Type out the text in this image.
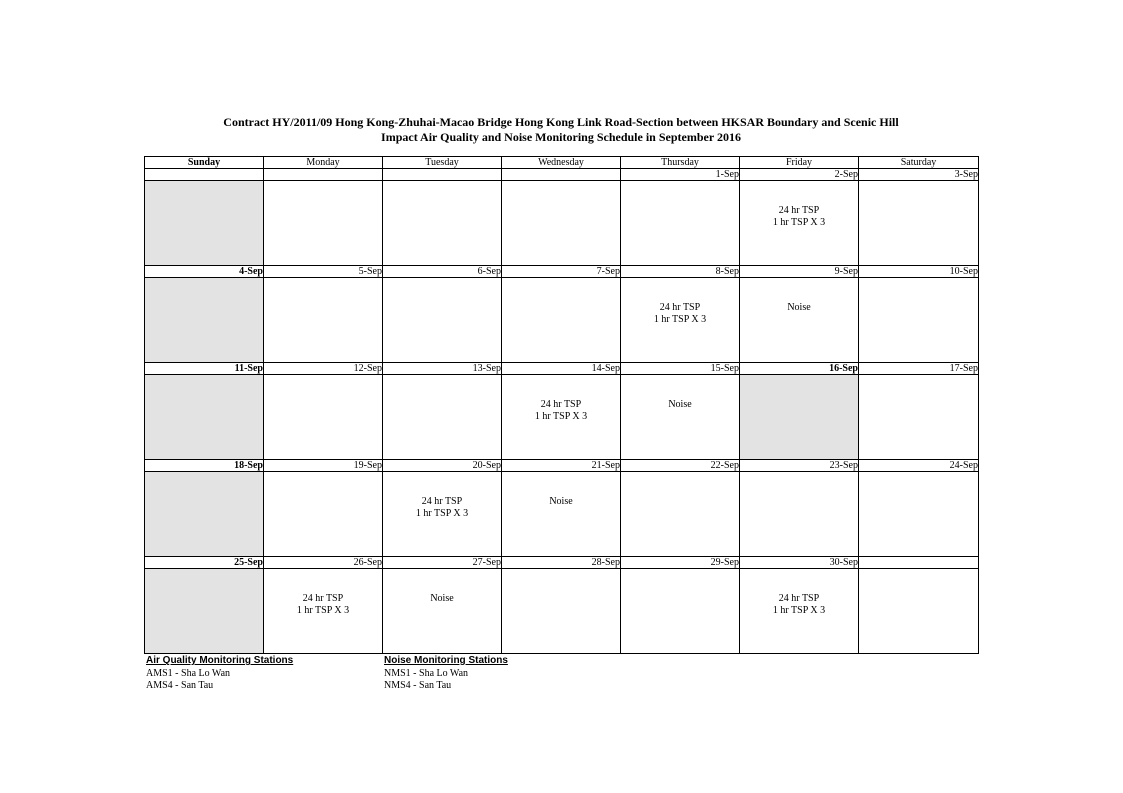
Contract HY/2011/09 Hong Kong-Zhuhai-Macao Bridge Hong Kong Link Road-Section between HKSAR Boundary and Scenic Hill
Impact Air Quality and Noise Monitoring Schedule in September 2016
Sunday	Monday	Tuesday	Wednesday	Thursday	Friday	Saturday
				1-Sep	2-Sep	3-Sep

					24 hr TSP
1 hr TSP X 3	

4-Sep	5-Sep	6-Sep	7-Sep	8-Sep	9-Sep	10-Sep

				24 hr TSP
1 hr TSP X 3	Noise	

11-Sep	12-Sep	13-Sep	14-Sep	15-Sep	16-Sep	17-Sep

			24 hr TSP
1 hr TSP X 3	Noise		

18-Sep	19-Sep	20-Sep	21-Sep	22-Sep	23-Sep	24-Sep

		24 hr TSP
1 hr TSP X 3	Noise			

25-Sep	26-Sep	27-Sep	28-Sep	29-Sep	30-Sep	

	24 hr TSP
1 hr TSP X 3	Noise			24 hr TSP
1 hr TSP X 3	

Air Quality Monitoring Stations
AMS1 - Sha Lo Wan
AMS4 - San Tau
Noise Monitoring Stations
NMS1 - Sha Lo Wan
NMS4 - San Tau
